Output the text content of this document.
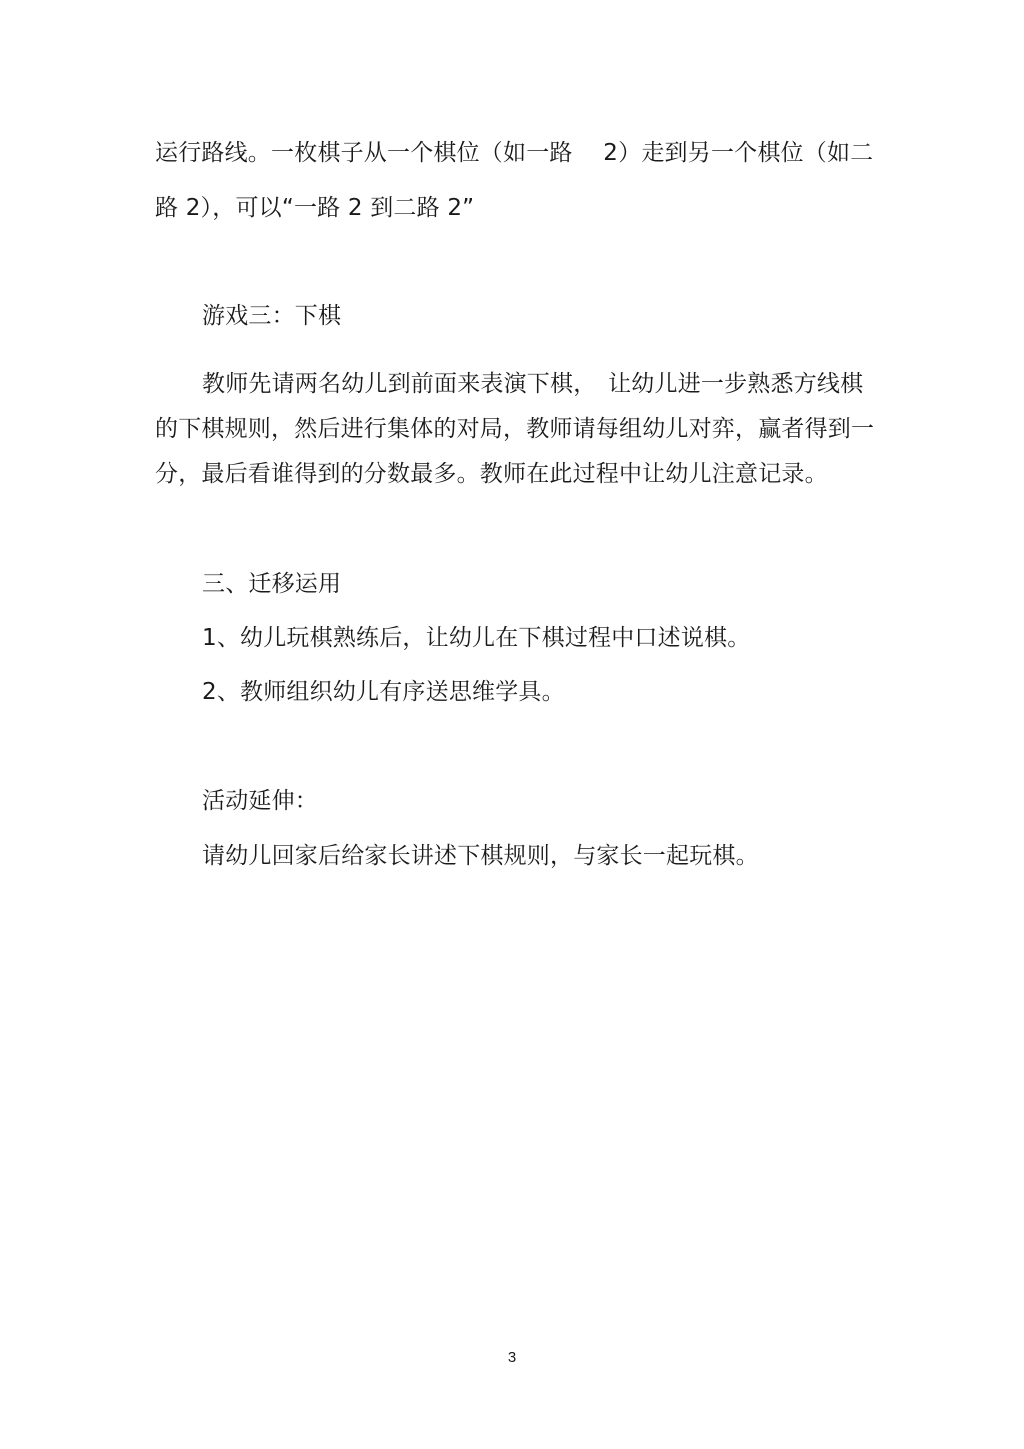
运行路线。一枚棋子从一个棋位（如一路　 2）走到另一个棋位（如二
路 2），可以“一路 2 到二路 2”
游戏三：下棋
教师先请两名幼儿到前面来表演下棋，　让幼儿进一步熟悉方线棋
的下棋规则，然后进行集体的对局，教师请每组幼儿对弈，赢者得到一
分，最后看谁得到的分数最多。教师在此过程中让幼儿注意记录。
三、迁移运用
1、幼儿玩棋熟练后，让幼儿在下棋过程中口述说棋。
2、教师组织幼儿有序送思维学具。
活动延伸：
请幼儿回家后给家长讲述下棋规则，与家长一起玩棋。
3
